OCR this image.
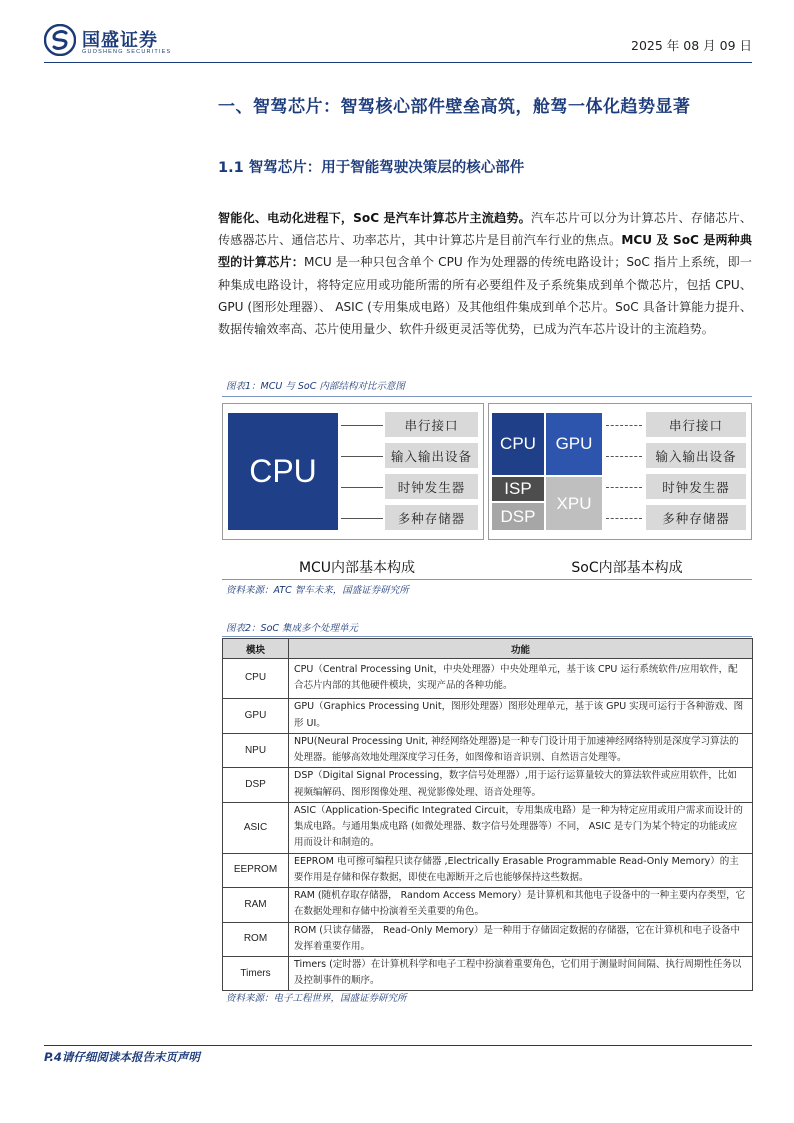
国盛证券
GUOSHENG SECURITIES	2025 年 08 月 09 日
一、智驾芯片：智驾核心部件壁垒高筑，舱驾一体化趋势显著
1.1 智驾芯片：用于智能驾驶决策层的核心部件
智能化、电动化进程下，SoC 是汽车计算芯片主流趋势。汽车芯片可以分为计算芯片、存储芯片、传感器芯片、通信芯片、功率芯片，其中计算芯片是目前汽车行业的焦点。MCU 及 SoC 是两种典型的计算芯片：MCU 是一种只包含单个 CPU 作为处理器的传统电路设计；SoC 指片上系统，即一种集成电路设计，将特定应用或功能所需的所有必要组件及子系统集成到单个微芯片，包括 CPU、GPU (图形处理器）、 ASIC (专用集成电路）及其他组件集成到单个芯片。SoC 具备计算能力提升、数据传输效率高、芯片使用量少、软件升级更灵活等优势，已成为汽车芯片设计的主流趋势。
图表1：MCU 与 SoC 内部结构对比示意图
CPU
串行接口
输入输出设备
时钟发生器
多种存储器
CPU	GPU
ISP
DSP
XPU
串行接口
输入输出设备
时钟发生器
多种存储器
MCU内部基本构成	SoC内部基本构成
资料来源：ATC 智车未来，国盛证券研究所
图表2：SoC 集成多个处理单元
模块	功能
CPU	CPU（Central Processing Unit，中央处理器）中央处理单元，基于该 CPU 运行系统软件/应用软件，配合芯片内部的其他硬件模块，实现产品的各种功能。
GPU	GPU（Graphics Processing Unit，图形处理器）图形处理单元，基于该 GPU 实现可运行于各种游戏、图形 UI。
NPU	NPU(Neural Processing Unit, 神经网络处理器)是一种专门设计用于加速神经网络特别是深度学习算法的处理器。能够高效地处理深度学习任务，如图像和语音识别、自然语言处理等。
DSP	DSP（Digital Signal Processing，数字信号处理器）,用于运行运算量较大的算法软件或应用软件，比如视频编解码、图形图像处理、视觉影像处理、语音处理等。
ASIC	ASIC（Application-Specific Integrated Circuit，专用集成电路）是一种为特定应用或用户需求而设计的集成电路。与通用集成电路 (如微处理器、数字信号处理器等）不同， ASIC 是专门为某个特定的功能或应用而设计和制造的。
EEPROM	EEPROM 电可擦可编程只读存储器 ,Electrically Erasable Programmable Read-Only Memory）的主要作用是存储和保存数据，即使在电源断开之后也能够保持这些数据。
RAM	RAM (随机存取存储器， Random Access Memory）是计算机和其他电子设备中的一种主要内存类型，它在数据处理和存储中扮演着至关重要的角色。
ROM	ROM (只读存储器， Read-Only Memory）是一种用于存储固定数据的存储器，它在计算机和电子设备中发挥着重要作用。
Timers	Timers (定时器）在计算机科学和电子工程中扮演着重要角色，它们用于测量时间间隔、执行周期性任务以及控制事件的顺序。
资料来源：电子工程世界，国盛证券研究所
P.4请仔细阅读本报告末页声明
